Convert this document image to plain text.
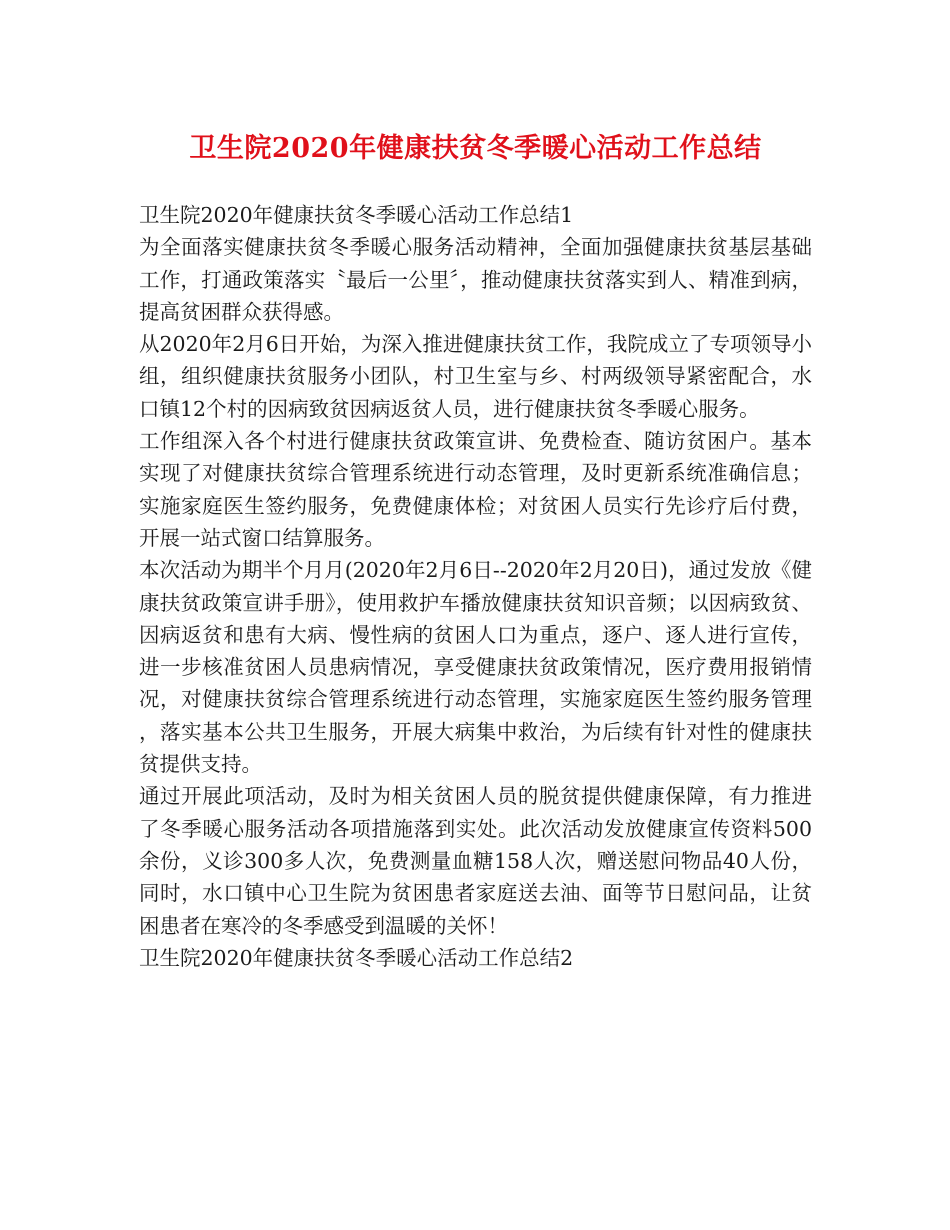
卫生院2020年健康扶贫冬季暖心活动工作总结

卫生院2020年健康扶贫冬季暖心活动工作总结1

为全面落实健康扶贫冬季暖心服务活动精神，全面加强健康扶贫基层基础工作，打通政策落实〝最后一公里〞，推动健康扶贫落实到人、精准到病，提高贫困群众获得感。

从2020年2月6日开始，为深入推进健康扶贫工作，我院成立了专项领导小组，组织健康扶贫服务小团队，村卫生室与乡、村两级领导紧密配合，水口镇12个村的因病致贫因病返贫人员，进行健康扶贫冬季暖心服务。

工作组深入各个村进行健康扶贫政策宣讲、免费检查、随访贫困户。基本实现了对健康扶贫综合管理系统进行动态管理，及时更新系统准确信息；实施家庭医生签约服务，免费健康体检；对贫困人员实行先诊疗后付费，开展一站式窗口结算服务。

本次活动为期半个月月(2020年2月6日--2020年2月20日)，通过发放《健康扶贫政策宣讲手册》，使用救护车播放健康扶贫知识音频；以因病致贫、因病返贫和患有大病、慢性病的贫困人口为重点，逐户、逐人进行宣传，进一步核准贫困人员患病情况，享受健康扶贫政策情况，医疗费用报销情况，对健康扶贫综合管理系统进行动态管理，实施家庭医生签约服务管理 ，落实基本公共卫生服务，开展大病集中救治，为后续有针对性的健康扶贫提供支持。

通过开展此项活动，及时为相关贫困人员的脱贫提供健康保障，有力推进了冬季暖心服务活动各项措施落到实处。此次活动发放健康宣传资料500余份，义诊300多人次，免费测量血糖158人次，赠送慰问物品40人份，同时，水口镇中心卫生院为贫困患者家庭送去油、面等节日慰问品，让贫困患者在寒冷的冬季感受到温暖的关怀！

卫生院2020年健康扶贫冬季暖心活动工作总结2
